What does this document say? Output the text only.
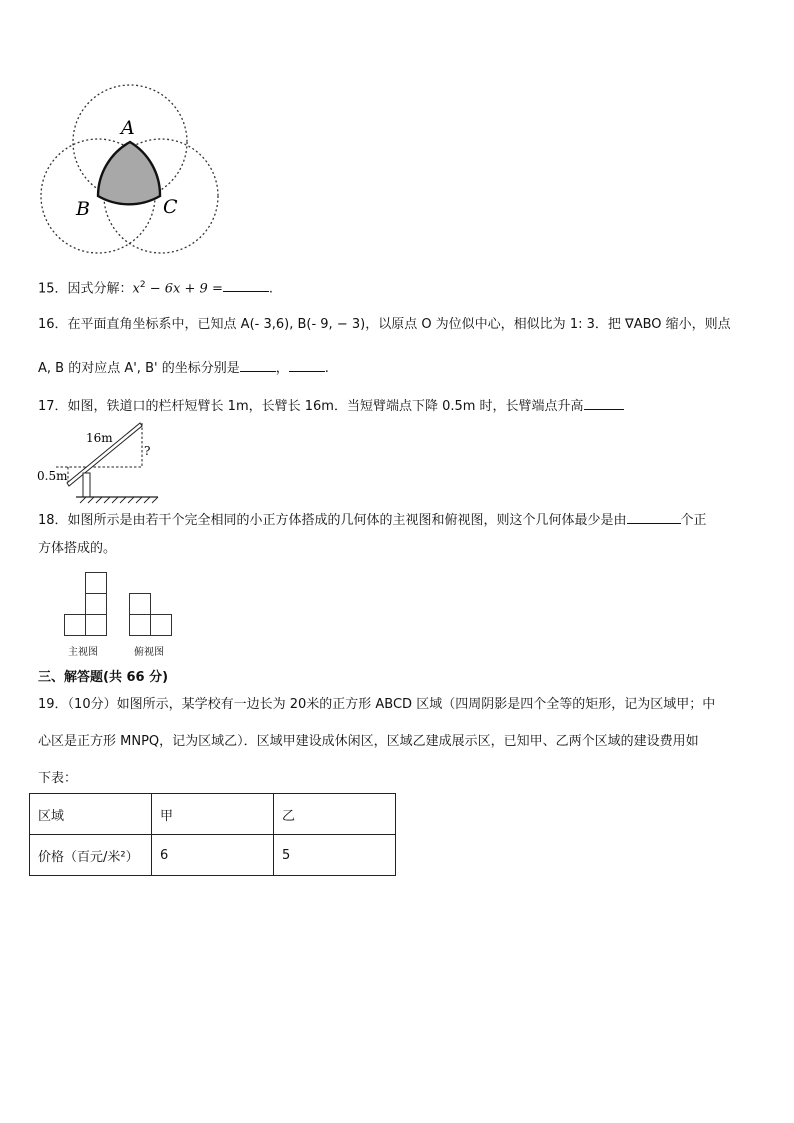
A
B	C
15．因式分解：$x^2 - 6x + 9$ =	.
16．在平面直角坐标系中，已知点 A(- 3,6), B(- 9, − 3)，以原点 O 为位似中心，相似比为 1: 3．把 ∇ABO 缩小，则点
A, B 的对应点 A', B' 的坐标分别是	，	.
17．如图，铁道口的栏杆短臂长 1m，长臂长 16m．当短臂端点下降 0.5m 时，长臂端点升高
16m
0.5m
?
18．如图所示是由若干个完全相同的小正方体搭成的几何体的主视图和俯视图，则这个几何体最少是由	个正
方体搭成的。
主视图	俯视图
三、解答题(共 66 分)
19．（10分）如图所示，某学校有一边长为 20米的正方形 ABCD 区域（四周阴影是四个全等的矩形，记为区域甲；中
心区是正方形 MNPQ，记为区域乙）．区域甲建设成休闲区，区域乙建成展示区，已知甲、乙两个区域的建设费用如
下表：
区域	甲	乙
价格（百元/米²）	6	5
